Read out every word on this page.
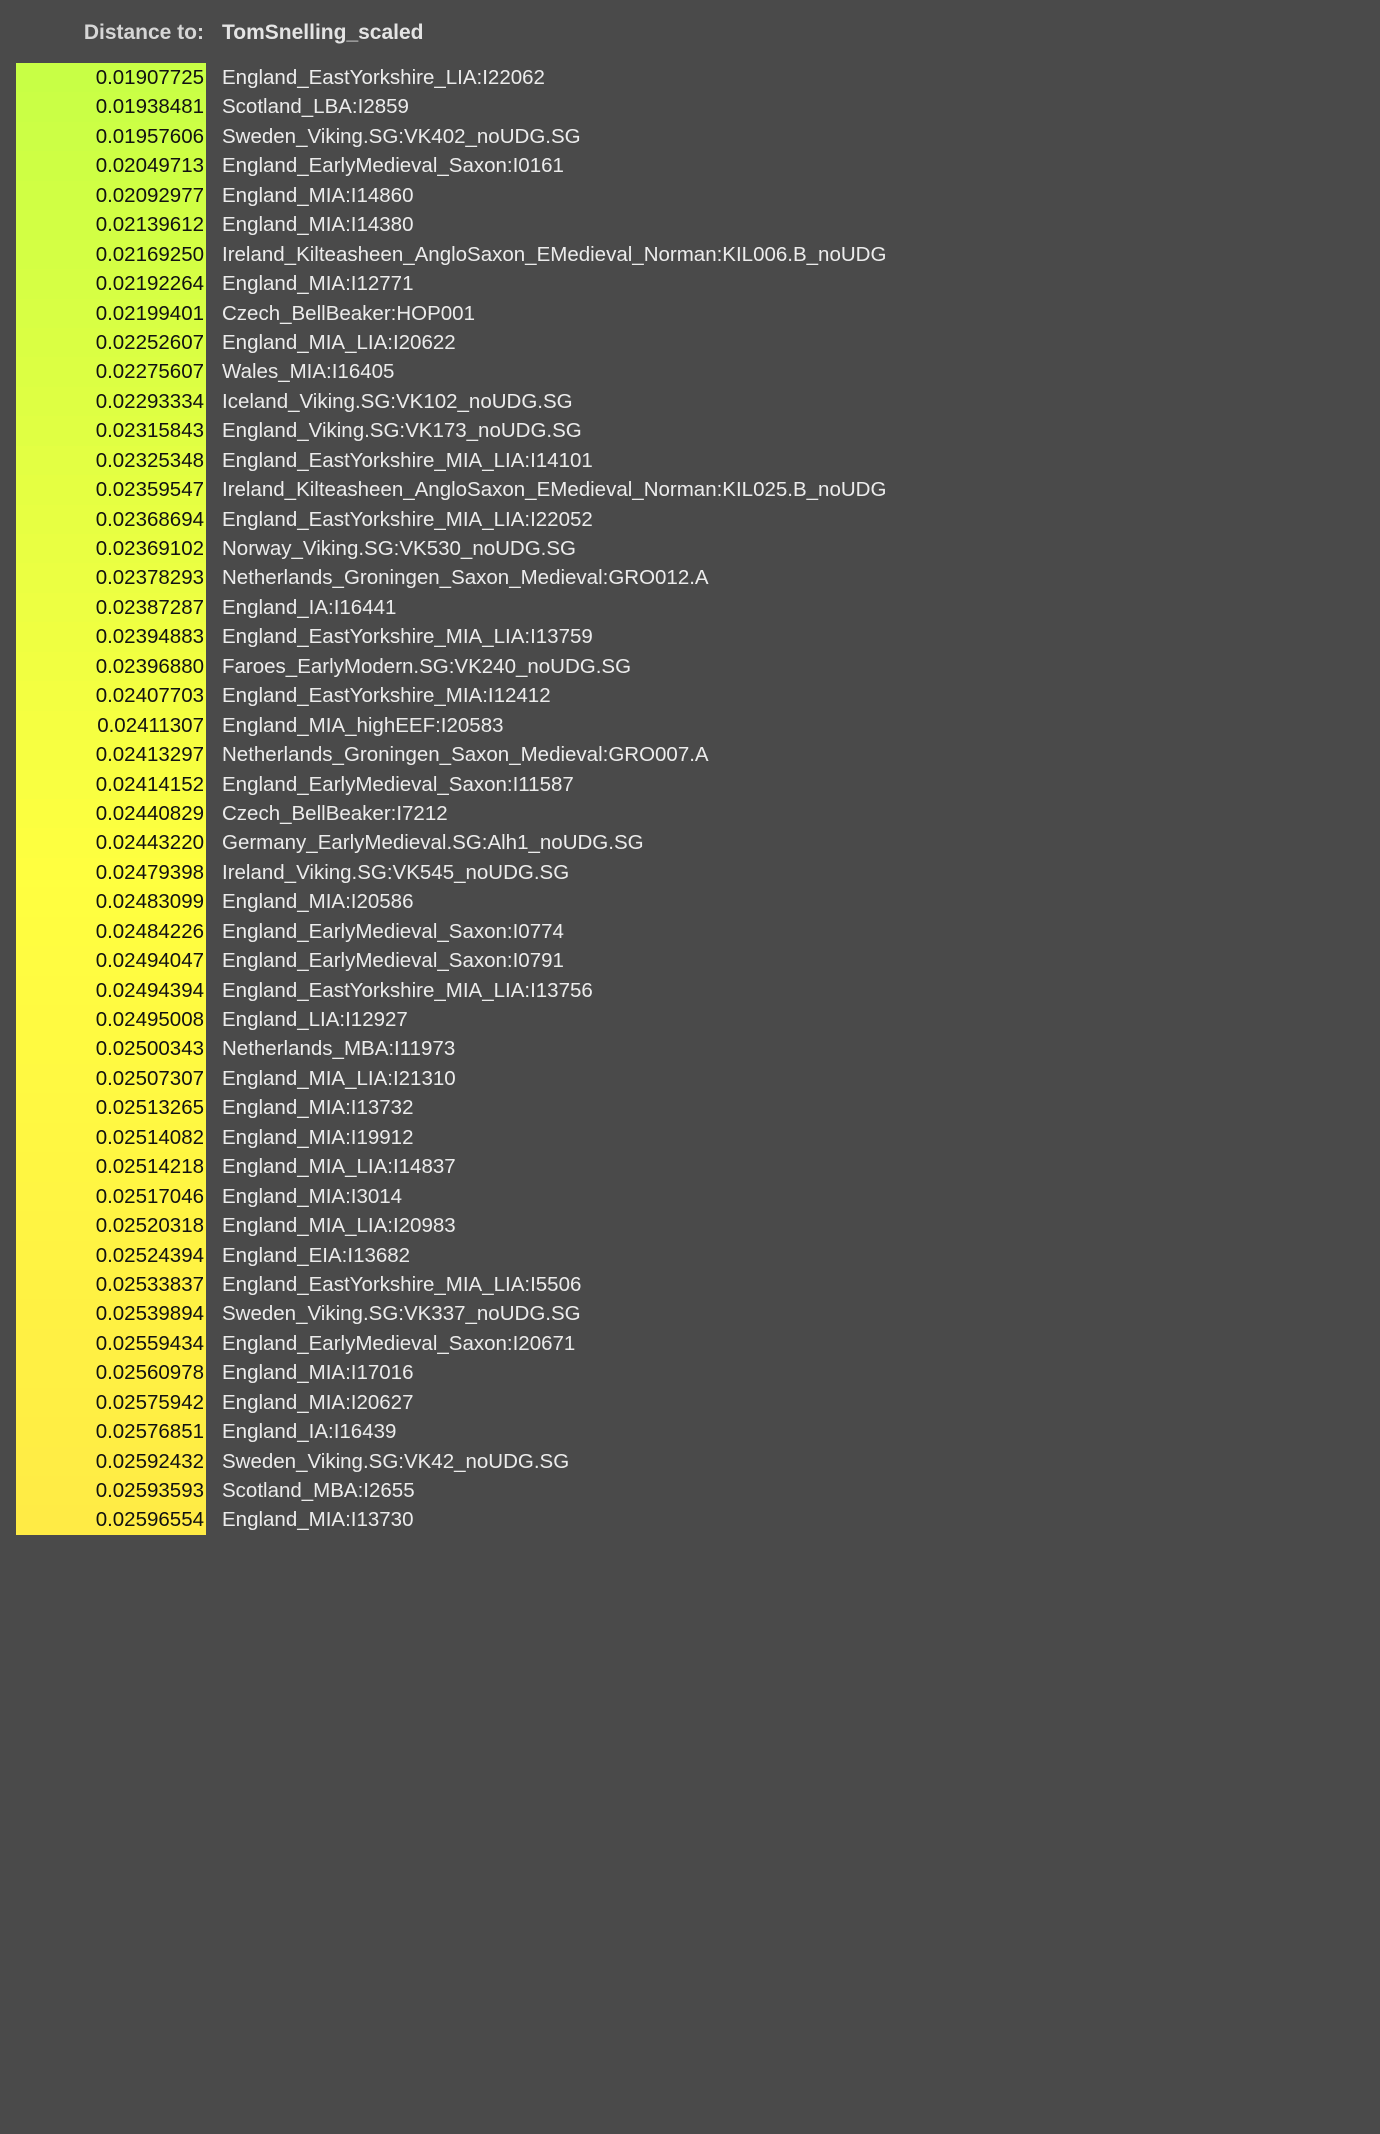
Distance to: TomSnelling_scaled
0.01907725 England_EastYorkshire_LIA:I22062
0.01938481 Scotland_LBA:I2859
0.01957606 Sweden_Viking.SG:VK402_noUDG.SG
0.02049713 England_EarlyMedieval_Saxon:I0161
0.02092977 England_MIA:I14860
0.02139612 England_MIA:I14380
0.02169250 Ireland_Kilteasheen_AngloSaxon_EMedieval_Norman:KIL006.B_noUDG
0.02192264 England_MIA:I12771
0.02199401 Czech_BellBeaker:HOP001
0.02252607 England_MIA_LIA:I20622
0.02275607 Wales_MIA:I16405
0.02293334 Iceland_Viking.SG:VK102_noUDG.SG
0.02315843 England_Viking.SG:VK173_noUDG.SG
0.02325348 England_EastYorkshire_MIA_LIA:I14101
0.02359547 Ireland_Kilteasheen_AngloSaxon_EMedieval_Norman:KIL025.B_noUDG
0.02368694 England_EastYorkshire_MIA_LIA:I22052
0.02369102 Norway_Viking.SG:VK530_noUDG.SG
0.02378293 Netherlands_Groningen_Saxon_Medieval:GRO012.A
0.02387287 England_IA:I16441
0.02394883 England_EastYorkshire_MIA_LIA:I13759
0.02396880 Faroes_EarlyModern.SG:VK240_noUDG.SG
0.02407703 England_EastYorkshire_MIA:I12412
0.02411307 England_MIA_highEEF:I20583
0.02413297 Netherlands_Groningen_Saxon_Medieval:GRO007.A
0.02414152 England_EarlyMedieval_Saxon:I11587
0.02440829 Czech_BellBeaker:I7212
0.02443220 Germany_EarlyMedieval.SG:Alh1_noUDG.SG
0.02479398 Ireland_Viking.SG:VK545_noUDG.SG
0.02483099 England_MIA:I20586
0.02484226 England_EarlyMedieval_Saxon:I0774
0.02494047 England_EarlyMedieval_Saxon:I0791
0.02494394 England_EastYorkshire_MIA_LIA:I13756
0.02495008 England_LIA:I12927
0.02500343 Netherlands_MBA:I11973
0.02507307 England_MIA_LIA:I21310
0.02513265 England_MIA:I13732
0.02514082 England_MIA:I19912
0.02514218 England_MIA_LIA:I14837
0.02517046 England_MIA:I3014
0.02520318 England_MIA_LIA:I20983
0.02524394 England_EIA:I13682
0.02533837 England_EastYorkshire_MIA_LIA:I5506
0.02539894 Sweden_Viking.SG:VK337_noUDG.SG
0.02559434 England_EarlyMedieval_Saxon:I20671
0.02560978 England_MIA:I17016
0.02575942 England_MIA:I20627
0.02576851 England_IA:I16439
0.02592432 Sweden_Viking.SG:VK42_noUDG.SG
0.02593593 Scotland_MBA:I2655
0.02596554 England_MIA:I13730
